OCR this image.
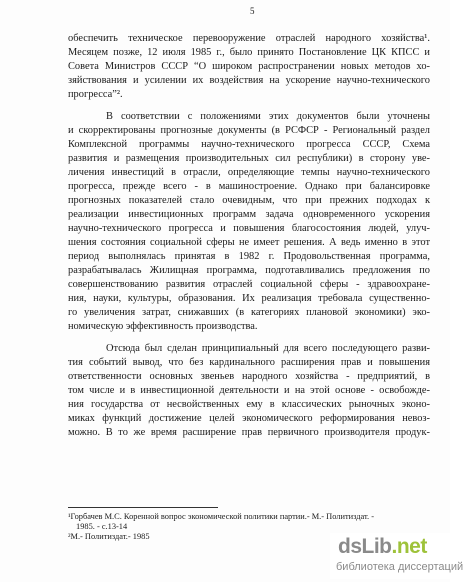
5
обеспечить техническое перевооружение отраслей народного хозяйства¹.
Месяцем позже, 12 июля 1985 г., было принято Постановление ЦК КПСС и
Совета Министров СССР “О широком распространении новых методов хо-
зяйствования и усилении их воздействия на ускорение научно-технического
прогресса”².
В соответствии с положениями этих документов были уточнены
и скорректированы прогнозные документы (в РСФСР - Региональный раздел
Комплексной программы научно-технического прогресса СССР, Схема
развития и размещения производительных сил республики) в сторону уве-
личения инвестиций в отрасли, определяющие темпы научно-технического
прогресса, прежде всего - в машиностроение. Однако при балансировке
прогнозных показателей стало очевидным, что при прежних подходах к
реализации инвестиционных программ задача одновременного ускорения
научно-технического прогресса и повышения благосостояния людей, улуч-
шения состояния социальной сферы не имеет решения. А ведь именно в этот
период выполнялась принятая в 1982 г. Продовольственная программа,
разрабатывалась Жилищная программа, подготавливались предложения по
совершенствованию развития отраслей социальной сферы - здравоохране-
ния, науки, культуры, образования. Их реализация требовала существенно-
го увеличения затрат, снижавших (в категориях плановой экономики) эко-
номическую эффективность производства.
Отсюда был сделан принципиальный для всего последующего разви-
тия событий вывод, что без кардинального расширения прав и повышения
ответственности основных звеньев народного хозяйства - предприятий, в
том числе и в инвестиционной деятельности и на этой основе - освобожде-
ния государства от несвойственных ему в классических рыночных эконо-
миках функций достижение целей экономического реформирования невоз-
можно. В то же время расширение прав первичного производителя продук-
¹Горбачев М.С. Коренной вопрос экономической политики партии.- М.- Политиздат. -
1985. - с.13-14
²М.- Политиздат.- 1985	dsLib.net
библиотека диссертаций
